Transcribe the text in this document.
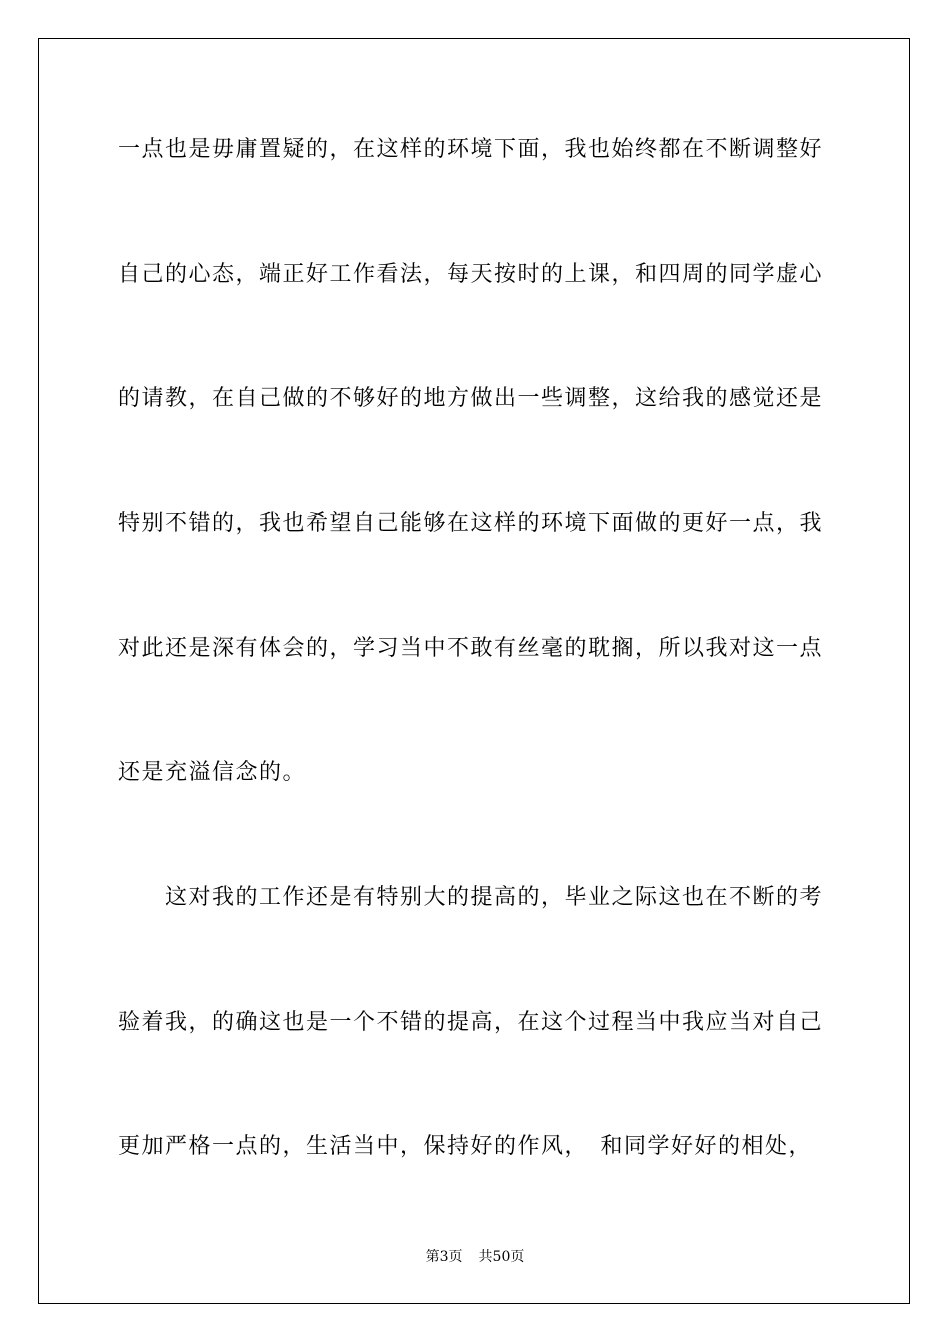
一点也是毋庸置疑的，在这样的环境下面，我也始终都在不断调整好
自己的心态，端正好工作看法，每天按时的上课，和四周的同学虚心
的请教，在自己做的不够好的地方做出一些调整，这给我的感觉还是
特别不错的，我也希望自己能够在这样的环境下面做的更好一点，我
对此还是深有体会的，学习当中不敢有丝毫的耽搁，所以我对这一点
还是充溢信念的。
　　这对我的工作还是有特别大的提高的，毕业之际这也在不断的考
验着我，的确这也是一个不错的提高，在这个过程当中我应当对自己
更加严格一点的，生活当中，保持好的作风，　和同学好好的相处，
第3页 共50页
